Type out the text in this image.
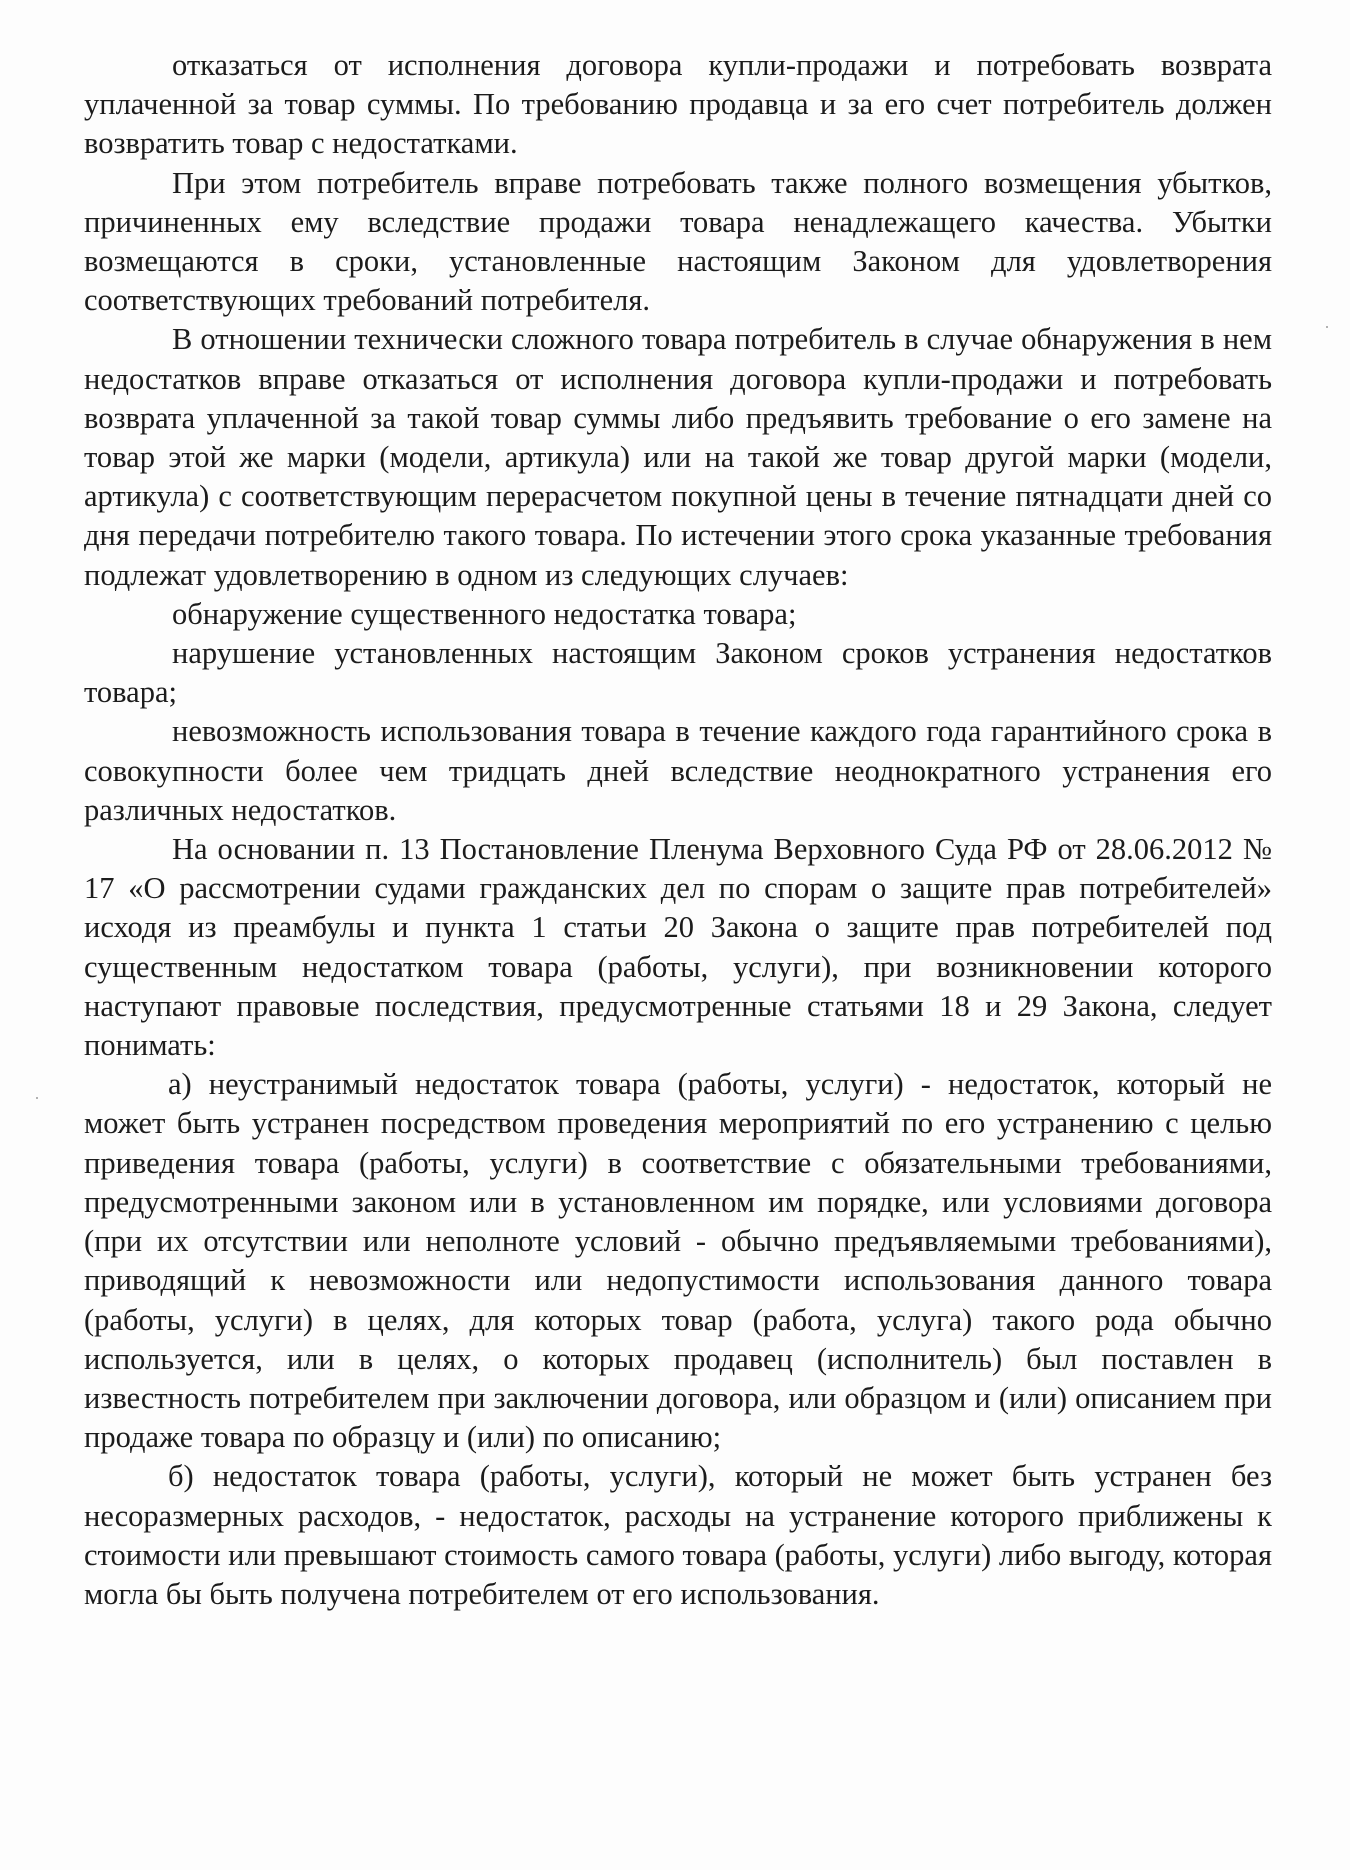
отказаться от исполнения договора купли-продажи и потребовать возврата уплаченной за товар суммы. По требованию продавца и за его счет потребитель должен возвратить товар с недостатками.

При этом потребитель вправе потребовать также полного возмещения убытков, причиненных ему вследствие продажи товара ненадлежащего качества. Убытки возмещаются в сроки, установленные настоящим Законом для удовлетворения соответствующих требований потребителя.

В отношении технически сложного товара потребитель в случае обнаружения в нем недостатков вправе отказаться от исполнения договора купли-продажи и потребовать возврата уплаченной за такой товар суммы либо предъявить требование о его замене на товар этой же марки (модели, артикула) или на такой же товар другой марки (модели, артикула) с соответствующим перерасчетом покупной цены в течение пятнадцати дней со дня передачи потребителю такого товара. По истечении этого срока указанные требования подлежат удовлетворению в одном из следующих случаев:

обнаружение существенного недостатка товара;

нарушение установленных настоящим Законом сроков устранения недостатков товара;

невозможность использования товара в течение каждого года гарантийного срока в совокупности более чем тридцать дней вследствие неоднократного устранения его различных недостатков.

На основании п. 13 Постановление Пленума Верховного Суда РФ от 28.06.2012 № 17 «О рассмотрении судами гражданских дел по спорам о защите прав потребителей» исходя из преамбулы и пункта 1 статьи 20 Закона о защите прав потребителей под существенным недостатком товара (работы, услуги), при возникновении которого наступают правовые последствия, предусмотренные статьями 18 и 29 Закона, следует понимать:

а) неустранимый недостаток товара (работы, услуги) - недостаток, который не может быть устранен посредством проведения мероприятий по его устранению с целью приведения товара (работы, услуги) в соответствие с обязательными требованиями, предусмотренными законом или в установленном им порядке, или условиями договора (при их отсутствии или неполноте условий - обычно предъявляемыми требованиями), приводящий к невозможности или недопустимости использования данного товара (работы, услуги) в целях, для которых товар (работа, услуга) такого рода обычно используется, или в целях, о которых продавец (исполнитель) был поставлен в известность потребителем при заключении договора, или образцом и (или) описанием при продаже товара по образцу и (или) по описанию;

б) недостаток товара (работы, услуги), который не может быть устранен без несоразмерных расходов, - недостаток, расходы на устранение которого приближены к стоимости или превышают стоимость самого товара (работы, услуги) либо выгоду, которая могла бы быть получена потребителем от его использования.
